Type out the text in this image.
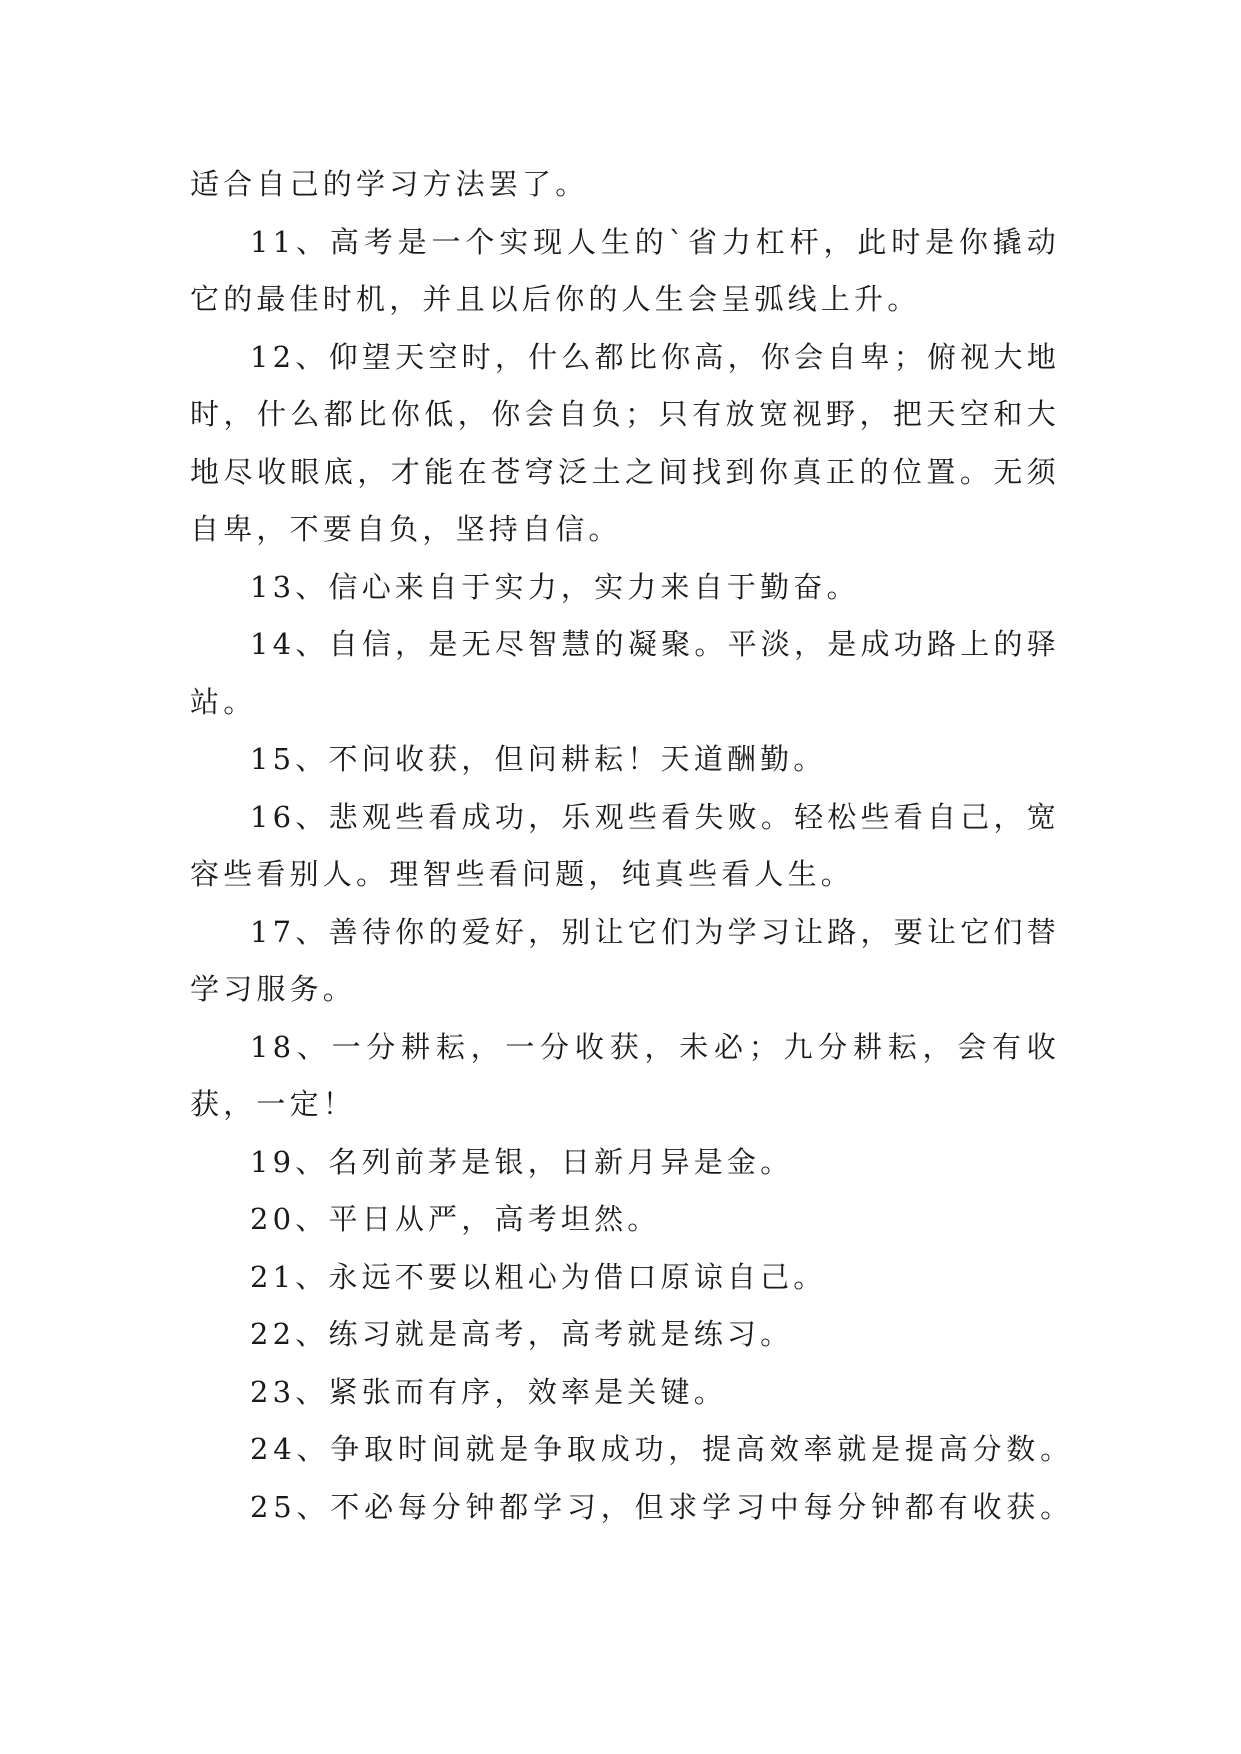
适合自己的学习方法罢了。

11、高考是一个实现人生的`省力杠杆，此时是你撬动它的最佳时机，并且以后你的人生会呈弧线上升。

12、仰望天空时，什么都比你高，你会自卑；俯视大地时，什么都比你低，你会自负；只有放宽视野，把天空和大地尽收眼底，才能在苍穹泛土之间找到你真正的位置。无须自卑，不要自负，坚持自信。

13、信心来自于实力，实力来自于勤奋。

14、自信，是无尽智慧的凝聚。平淡，是成功路上的驿站。

15、不问收获，但问耕耘！天道酬勤。

16、悲观些看成功，乐观些看失败。轻松些看自己，宽容些看别人。理智些看问题，纯真些看人生。

17、善待你的爱好，别让它们为学习让路，要让它们替学习服务。

18、一分耕耘，一分收获，未必；九分耕耘，会有收获，一定！

19、名列前茅是银，日新月异是金。

20、平日从严，高考坦然。

21、永远不要以粗心为借口原谅自己。

22、练习就是高考，高考就是练习。

23、紧张而有序，效率是关键。

24、争取时间就是争取成功，提高效率就是提高分数。

25、不必每分钟都学习，但求学习中每分钟都有收获。
